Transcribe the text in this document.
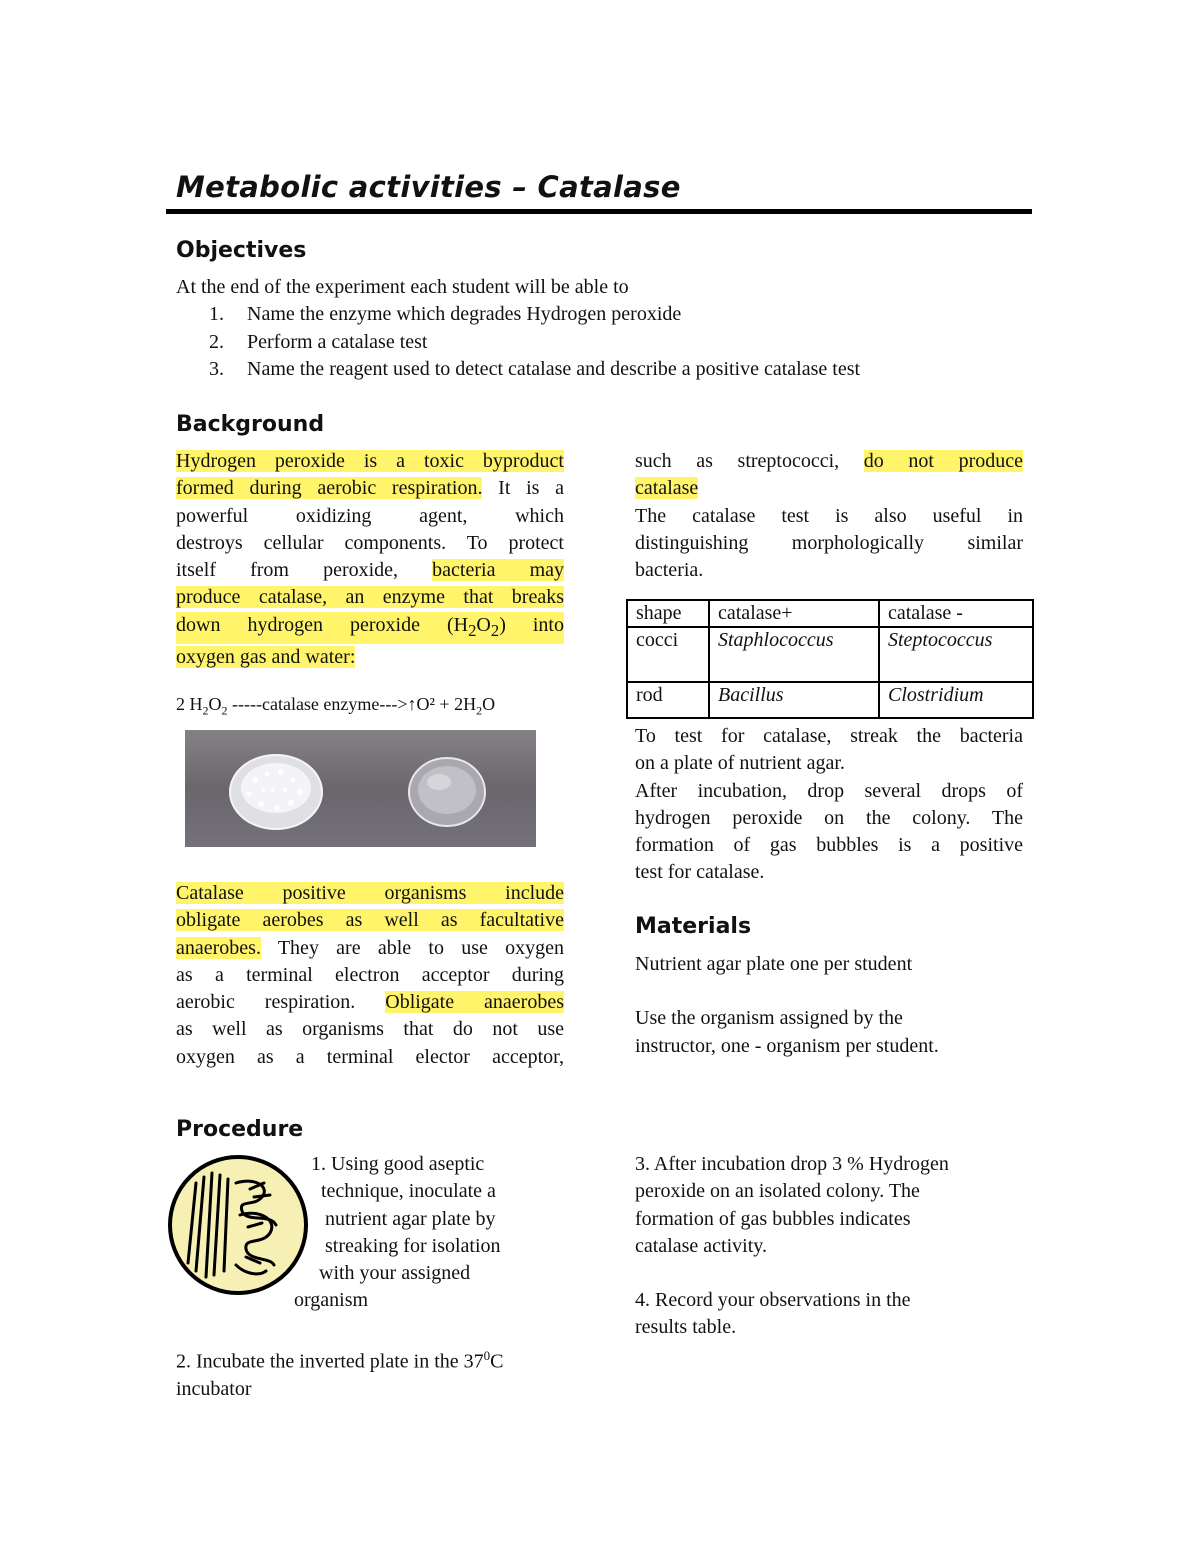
Metabolic activities – Catalase
Objectives
At the end of the experiment each student will be able to
1. Name the enzyme which degrades Hydrogen peroxide
2. Perform a catalase test
3. Name the reagent used to detect catalase and describe a positive catalase test
Background
Hydrogen peroxide is a toxic byproduct
formed during aerobic respiration. It is a
powerful oxidizing agent, which
destroys cellular components. To protect
itself from peroxide, bacteria may
produce catalase, an enzyme that breaks
down hydrogen peroxide $(H_2O_2)$ into
oxygen gas and water:
2 $H_2O_2$ -----catalase enzyme--->↑O² + $2H_2O$
Catalase positive organisms include
obligate aerobes as well as facultative
anaerobes. They are able to use oxygen
as a terminal electron acceptor during
aerobic respiration. Obligate anaerobes
as well as organisms that do not use
oxygen as a terminal elector acceptor,
such as streptococci, do not produce
catalase
The catalase test is also useful in
distinguishing morphologically similar
bacteria.
shape	catalase+	catalase -
cocci	Staphlococcus	Steptococcus
rod	Bacillus	Clostridium
To test for catalase, streak the bacteria
on a plate of nutrient agar.
After incubation, drop several drops of
hydrogen peroxide on the colony. The
formation of gas bubbles is a positive
test for catalase.
Materials
Nutrient agar plate one per student
Use the organism assigned by the
instructor, one - organism per student.
Procedure
1. Using good aseptic
technique, inoculate a
nutrient agar plate by
streaking for isolation
with your assigned
organism
2. Incubate the inverted plate in the $37^0C$
incubator
3. After incubation drop 3 % Hydrogen
peroxide on an isolated colony. The
formation of gas bubbles indicates
catalase activity.
4. Record your observations in the
results table.
